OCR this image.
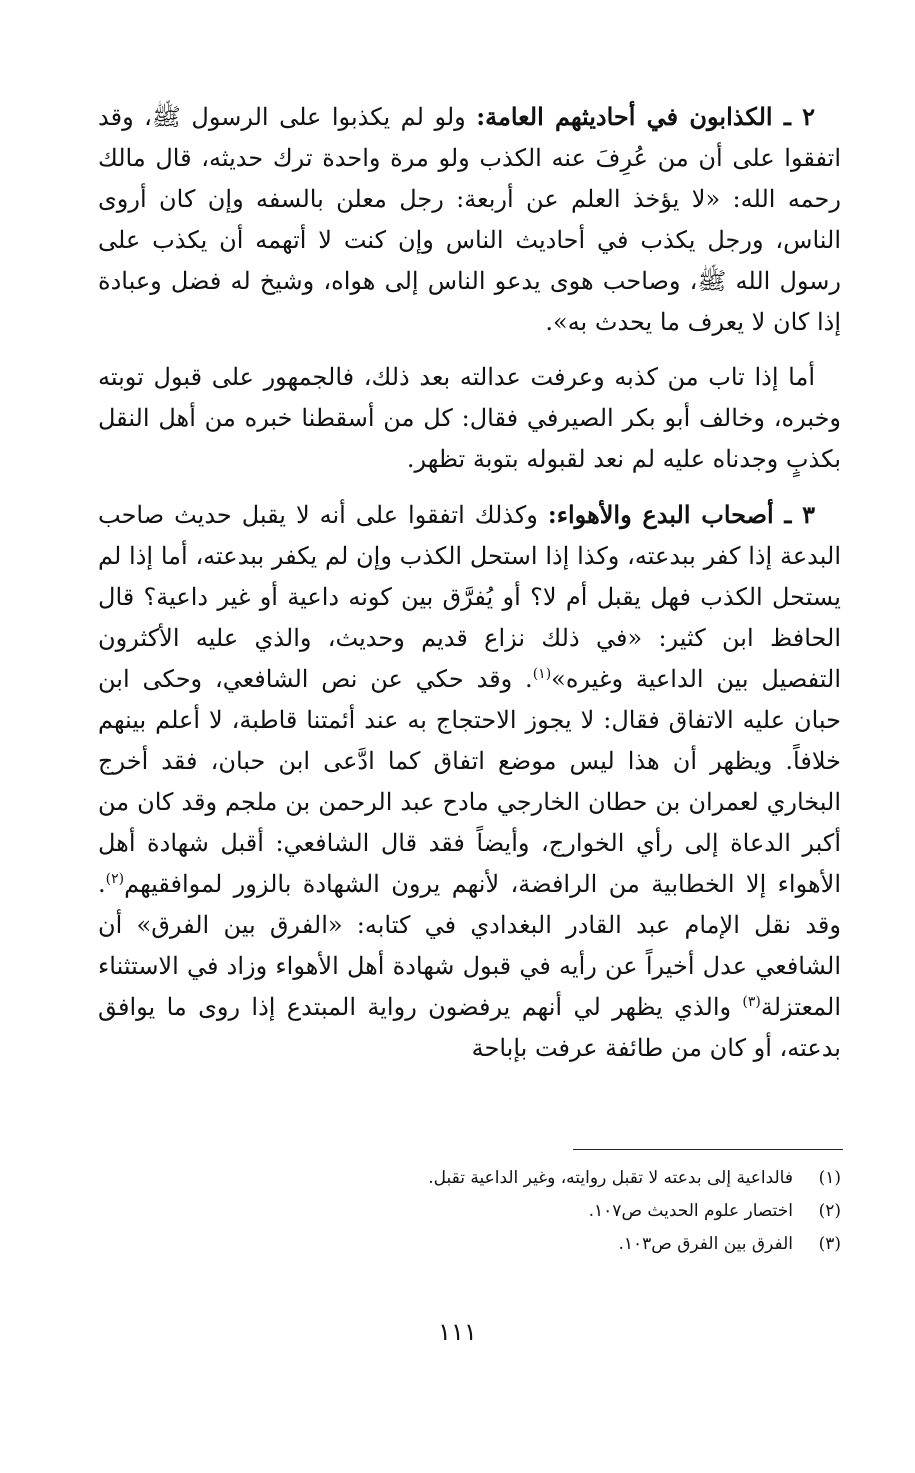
٢ ـ الكذابون في أحاديثهم العامة: ولو لم يكذبوا على الرسول ﷺ، وقد اتفقوا على أن من عُرِفَ عنه الكذب ولو مرة واحدة ترك حديثه، قال مالك رحمه الله: «لا يؤخذ العلم عن أربعة: رجل معلن بالسفه وإن كان أروى الناس، ورجل يكذب في أحاديث الناس وإن كنت لا أتهمه أن يكذب على رسول الله ﷺ، وصاحب هوى يدعو الناس إلى هواه، وشيخ له فضل وعبادة إذا كان لا يعرف ما يحدث به».

أما إذا تاب من كذبه وعرفت عدالته بعد ذلك، فالجمهور على قبول توبته وخبره، وخالف أبو بكر الصيرفي فقال: كل من أسقطنا خبره من أهل النقل بكذبٍ وجدناه عليه لم نعد لقبوله بتوبة تظهر.

٣ ـ أصحاب البدع والأهواء: وكذلك اتفقوا على أنه لا يقبل حديث صاحب البدعة إذا كفر ببدعته، وكذا إذا استحل الكذب وإن لم يكفر ببدعته، أما إذا لم يستحل الكذب فهل يقبل أم لا؟ أو يُفرَّق بين كونه داعية أو غير داعية؟ قال الحافظ ابن كثير: «في ذلك نزاع قديم وحديث، والذي عليه الأكثرون التفصيل بين الداعية وغيره»$^{(١)}$. وقد حكي عن نص الشافعي، وحكى ابن حبان عليه الاتفاق فقال: لا يجوز الاحتجاج به عند أئمتنا قاطبة، لا أعلم بينهم خلافاً. ويظهر أن هذا ليس موضع اتفاق كما ادَّعى ابن حبان، فقد أخرج البخاري لعمران بن حطان الخارجي مادح عبد الرحمن بن ملجم وقد كان من أكبر الدعاة إلى رأي الخوارج، وأيضاً فقد قال الشافعي: أقبل شهادة أهل الأهواء إلا الخطابية من الرافضة، لأنهم يرون الشهادة بالزور لموافقيهم$^{(٢)}$. وقد نقل الإمام عبد القادر البغدادي في كتابه: «الفرق بين الفرق» أن الشافعي عدل أخيراً عن رأيه في قبول شهادة أهل الأهواء وزاد في الاستثناء المعتزلة$^{(٣)}$ والذي يظهر لي أنهم يرفضون رواية المبتدع إذا روى ما يوافق بدعته، أو كان من طائفة عرفت بإباحة

(١)
فالداعية إلى بدعته لا تقبل روايته، وغير الداعية تقبل.
(٢)
اختصار علوم الحديث ص١٠٧.
(٣)
الفرق بين الفرق ص١٠٣.
١١١
